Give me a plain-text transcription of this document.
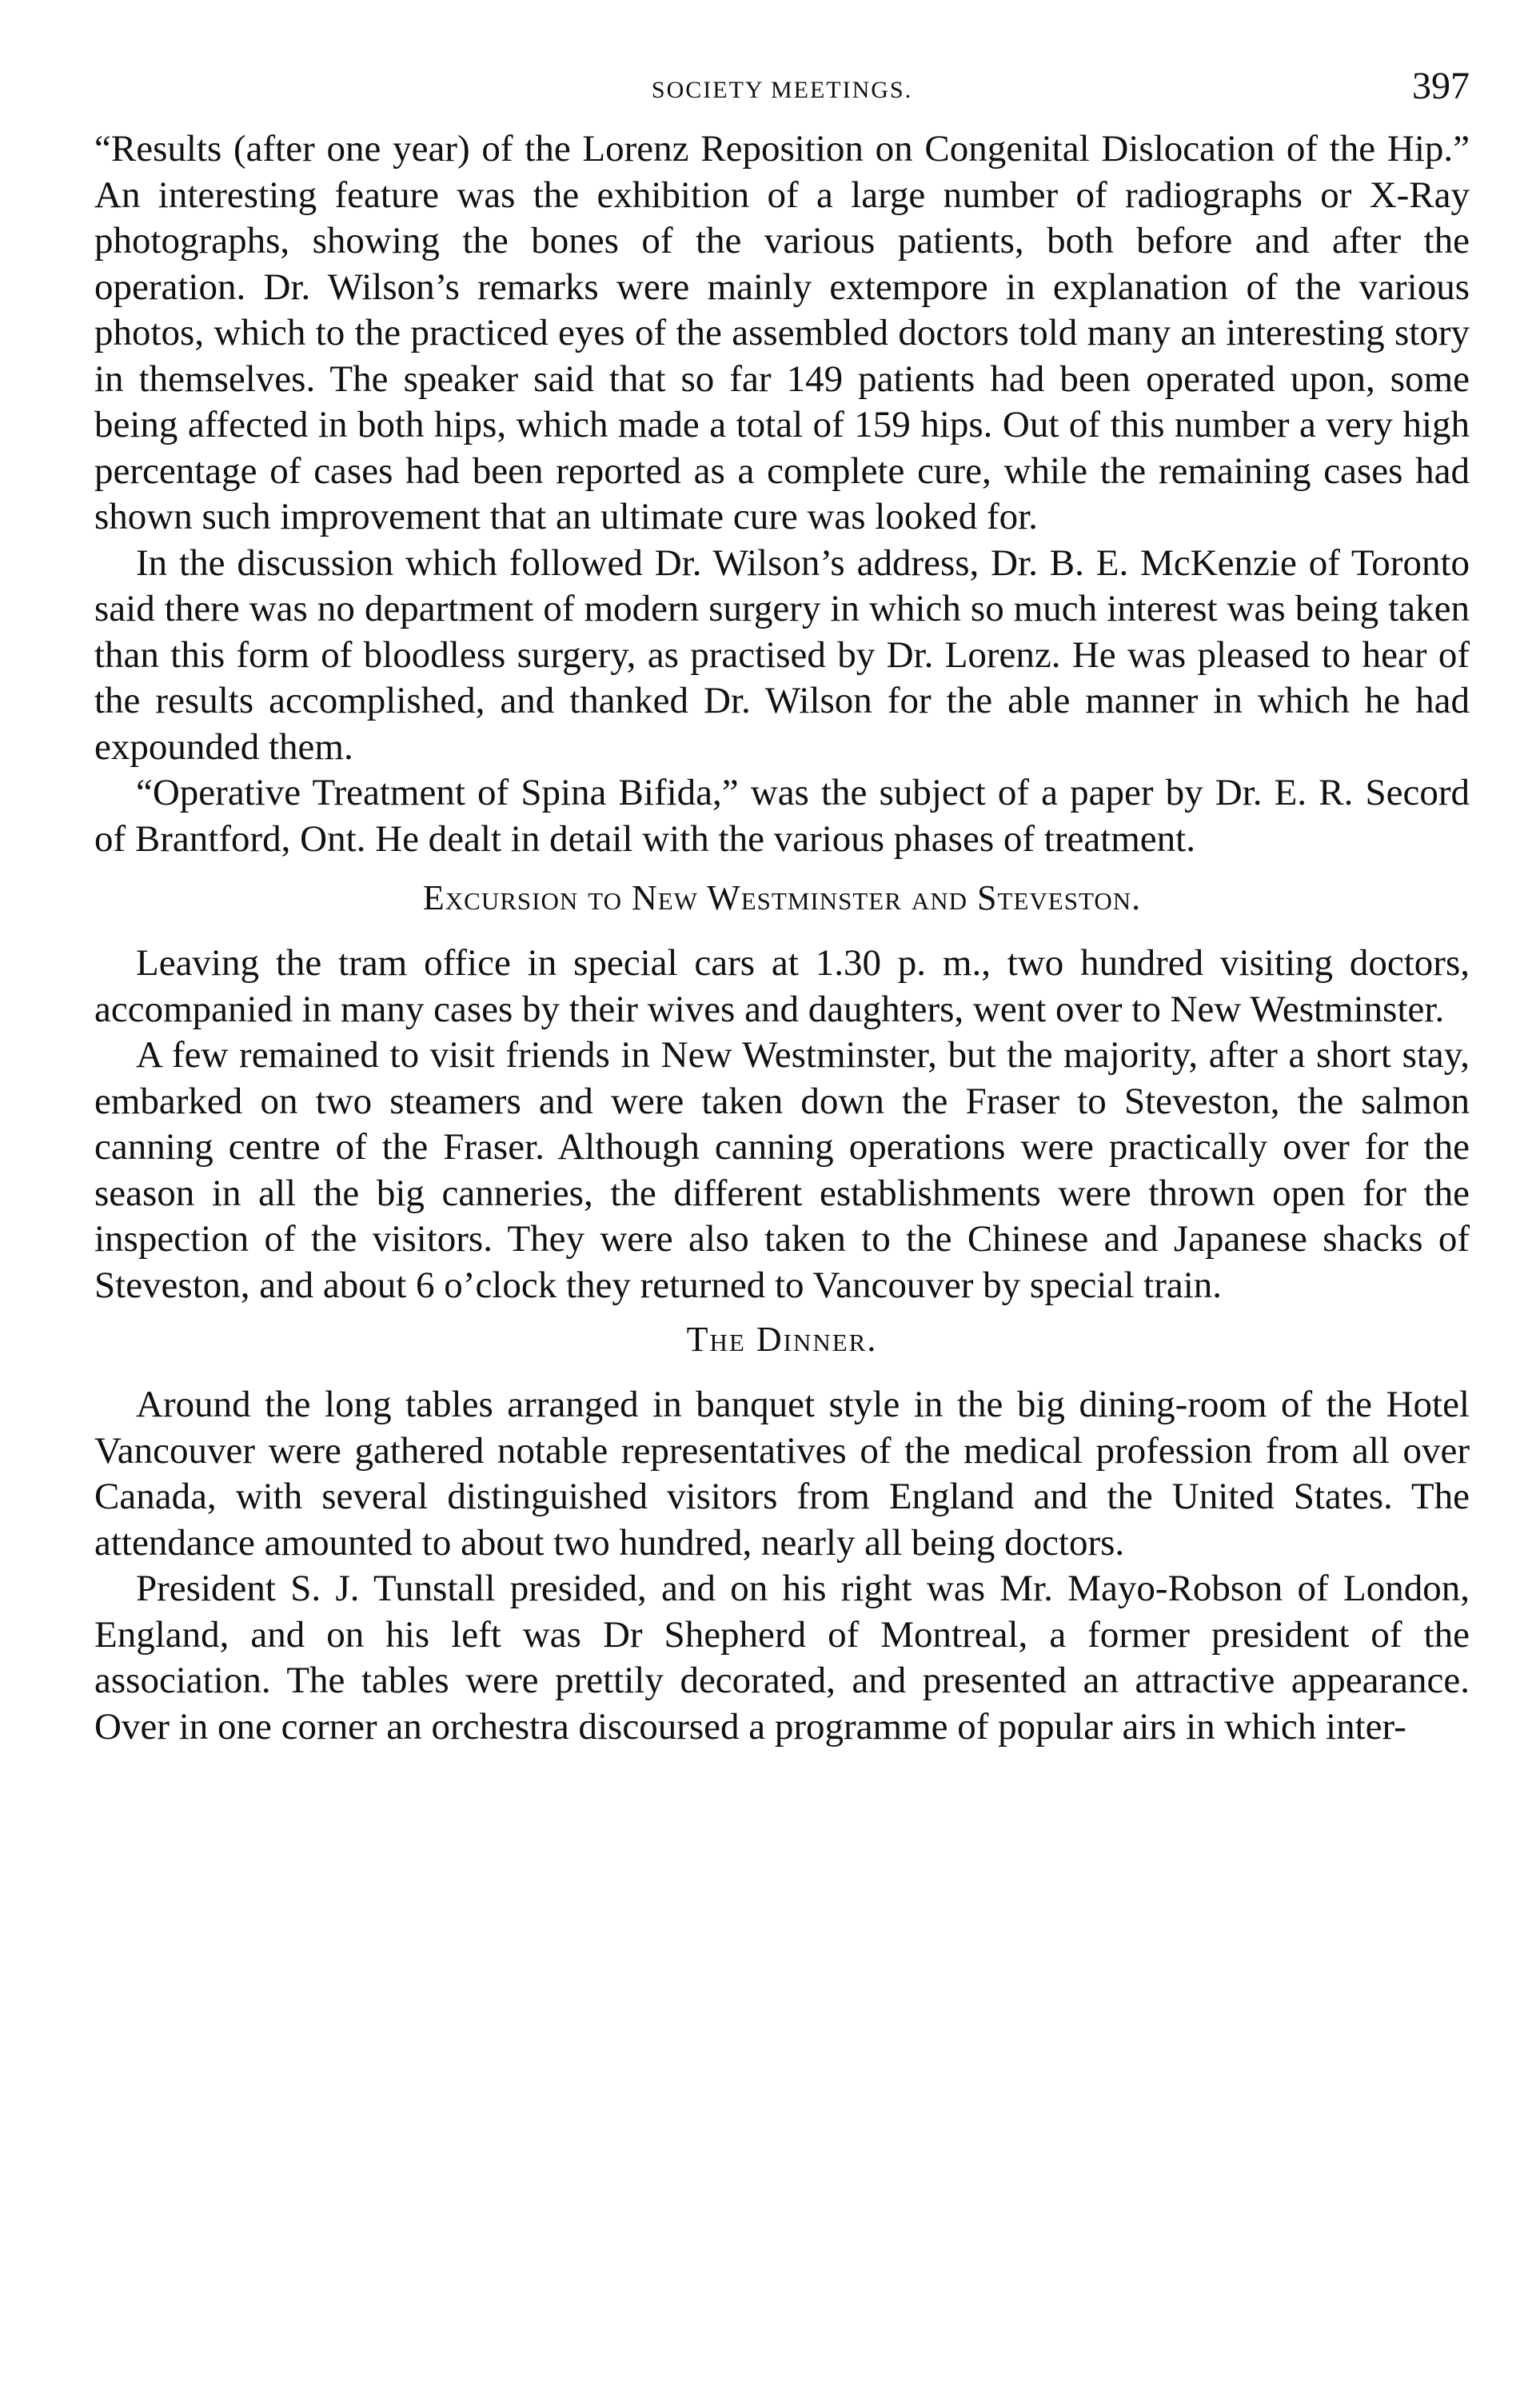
SOCIETY MEETINGS.	397

“Results (after one year) of the Lorenz Reposition on Congenital Dislocation of the Hip.” An interesting feature was the exhibition of a large number of radiographs or X-Ray photographs, showing the bones of the various patients, both before and after the operation. Dr. Wilson’s remarks were mainly extempore in explanation of the various photos, which to the practiced eyes of the assembled doctors told many an interesting story in themselves. The speaker said that so far 149 patients had been operated upon, some being affected in both hips, which made a total of 159 hips. Out of this number a very high percentage of cases had been reported as a complete cure, while the remaining cases had shown such improvement that an ultimate cure was looked for.

In the discussion which followed Dr. Wilson’s address, Dr. B. E. McKenzie of Toronto said there was no department of modern surgery in which so much interest was being taken than this form of bloodless surgery, as practised by Dr. Lorenz. He was pleased to hear of the results accomplished, and thanked Dr. Wilson for the able manner in which he had expounded them.

“Operative Treatment of Spina Bifida,” was the subject of a paper by Dr. E. R. Secord of Brantford, Ont. He dealt in detail with the various phases of treatment.

Excursion to New Westminster and Steveston.

Leaving the tram office in special cars at 1.30 p. m., two hundred visiting doctors, accompanied in many cases by their wives and daughters, went over to New Westminster.

A few remained to visit friends in New Westminster, but the majority, after a short stay, embarked on two steamers and were taken down the Fraser to Steveston, the salmon canning centre of the Fraser. Although canning operations were practically over for the season in all the big canneries, the different establishments were thrown open for the inspection of the visitors. They were also taken to the Chinese and Japanese shacks of Steveston, and about 6 o’clock they returned to Vancouver by special train.

The Dinner.

Around the long tables arranged in banquet style in the big dining-room of the Hotel Vancouver were gathered notable representatives of the medical profession from all over Canada, with several distinguished visitors from England and the United States. The attendance amounted to about two hundred, nearly all being doctors.

President S. J. Tunstall presided, and on his right was Mr. Mayo-Robson of London, England, and on his left was Dr Shepherd of Montreal, a former president of the association. The tables were prettily decorated, and presented an attractive appearance. Over in one corner an orchestra discoursed a programme of popular airs in which inter-
